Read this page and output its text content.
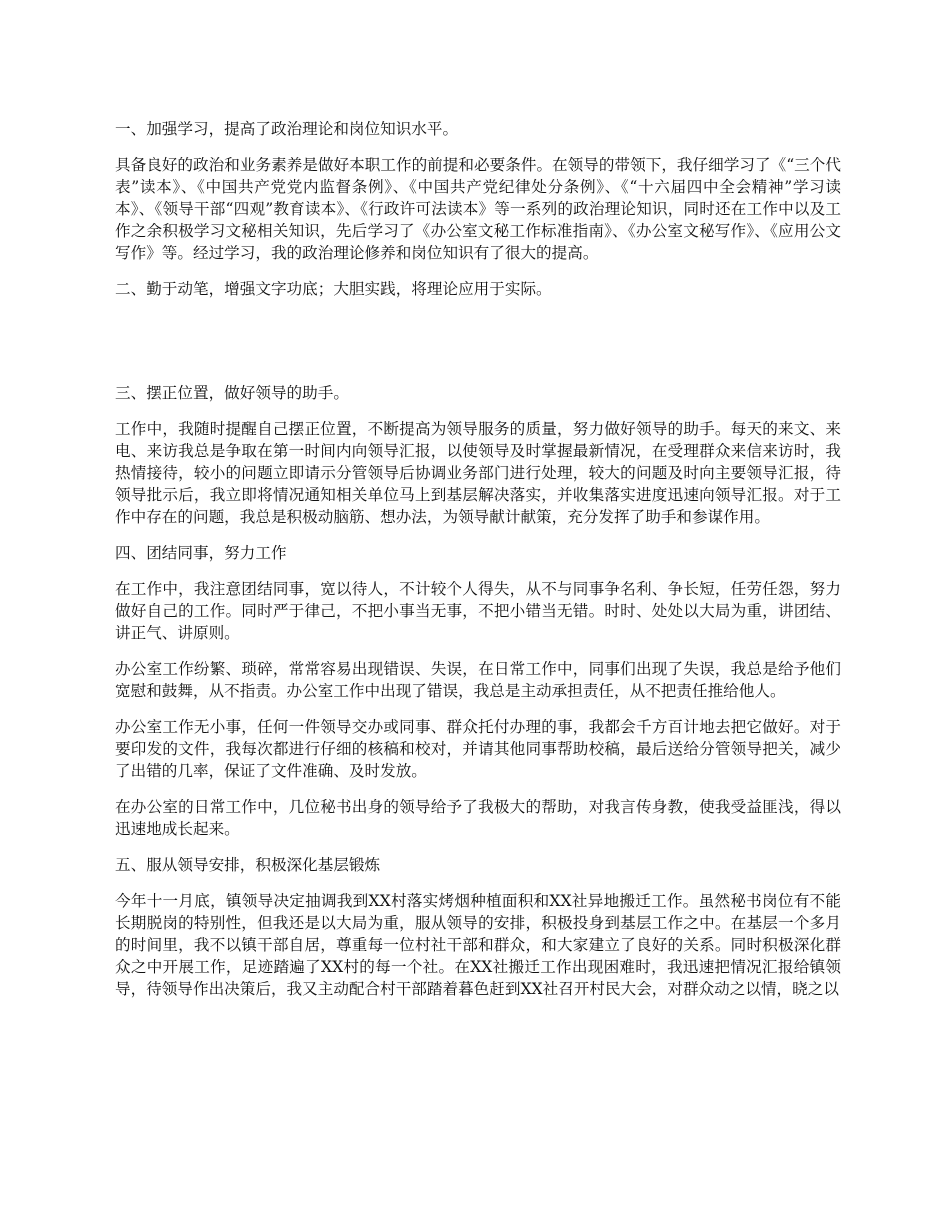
一、加强学习，提高了政治理论和岗位知识水平。

具备良好的政治和业务素养是做好本职工作的前提和必要条件。在领导的带领下，我仔细学习了《“三个代表”读本》、《中国共产党党内监督条例》、《中国共产党纪律处分条例》、《“十六届四中全会精神”学习读本》、《领导干部“四观”教育读本》、《行政许可法读本》等一系列的政治理论知识，同时还在工作中以及工作之余积极学习文秘相关知识，先后学习了《办公室文秘工作标准指南》、《办公室文秘写作》、《应用公文写作》等。经过学习，我的政治理论修养和岗位知识有了很大的提高。

二、勤于动笔，增强文字功底；大胆实践，将理论应用于实际。

三、摆正位置，做好领导的助手。

工作中，我随时提醒自己摆正位置，不断提高为领导服务的质量，努力做好领导的助手。每天的来文、来电、来访我总是争取在第一时间内向领导汇报，以使领导及时掌握最新情况，在受理群众来信来访时，我热情接待，较小的问题立即请示分管领导后协调业务部门进行处理，较大的问题及时向主要领导汇报，待领导批示后，我立即将情况通知相关单位马上到基层解决落实，并收集落实进度迅速向领导汇报。对于工作中存在的问题，我总是积极动脑筋、想办法，为领导献计献策，充分发挥了助手和参谋作用。

四、团结同事，努力工作

在工作中，我注意团结同事，宽以待人，不计较个人得失，从不与同事争名利、争长短，任劳任怨，努力做好自己的工作。同时严于律己，不把小事当无事，不把小错当无错。时时、处处以大局为重，讲团结、讲正气、讲原则。

办公室工作纷繁、琐碎，常常容易出现错误、失误，在日常工作中，同事们出现了失误，我总是给予他们宽慰和鼓舞，从不指责。办公室工作中出现了错误，我总是主动承担责任，从不把责任推给他人。

办公室工作无小事，任何一件领导交办或同事、群众托付办理的事，我都会千方百计地去把它做好。对于要印发的文件，我每次都进行仔细的核稿和校对，并请其他同事帮助校稿，最后送给分管领导把关，减少了出错的几率，保证了文件准确、及时发放。

在办公室的日常工作中，几位秘书出身的领导给予了我极大的帮助，对我言传身教，使我受益匪浅，得以迅速地成长起来。

五、服从领导安排，积极深化基层锻炼

今年十一月底，镇领导决定抽调我到XX村落实烤烟种植面积和XX社异地搬迁工作。虽然秘书岗位有不能长期脱岗的特别性，但我还是以大局为重，服从领导的安排，积极投身到基层工作之中。在基层一个多月的时间里，我不以镇干部自居，尊重每一位村社干部和群众，和大家建立了良好的关系。同时积极深化群众之中开展工作，足迹踏遍了XX村的每一个社。在XX社搬迁工作出现困难时，我迅速把情况汇报给镇领导，待领导作出决策后，我又主动配合村干部踏着暮色赶到XX社召开村民大会，对群众动之以情，晓之以
